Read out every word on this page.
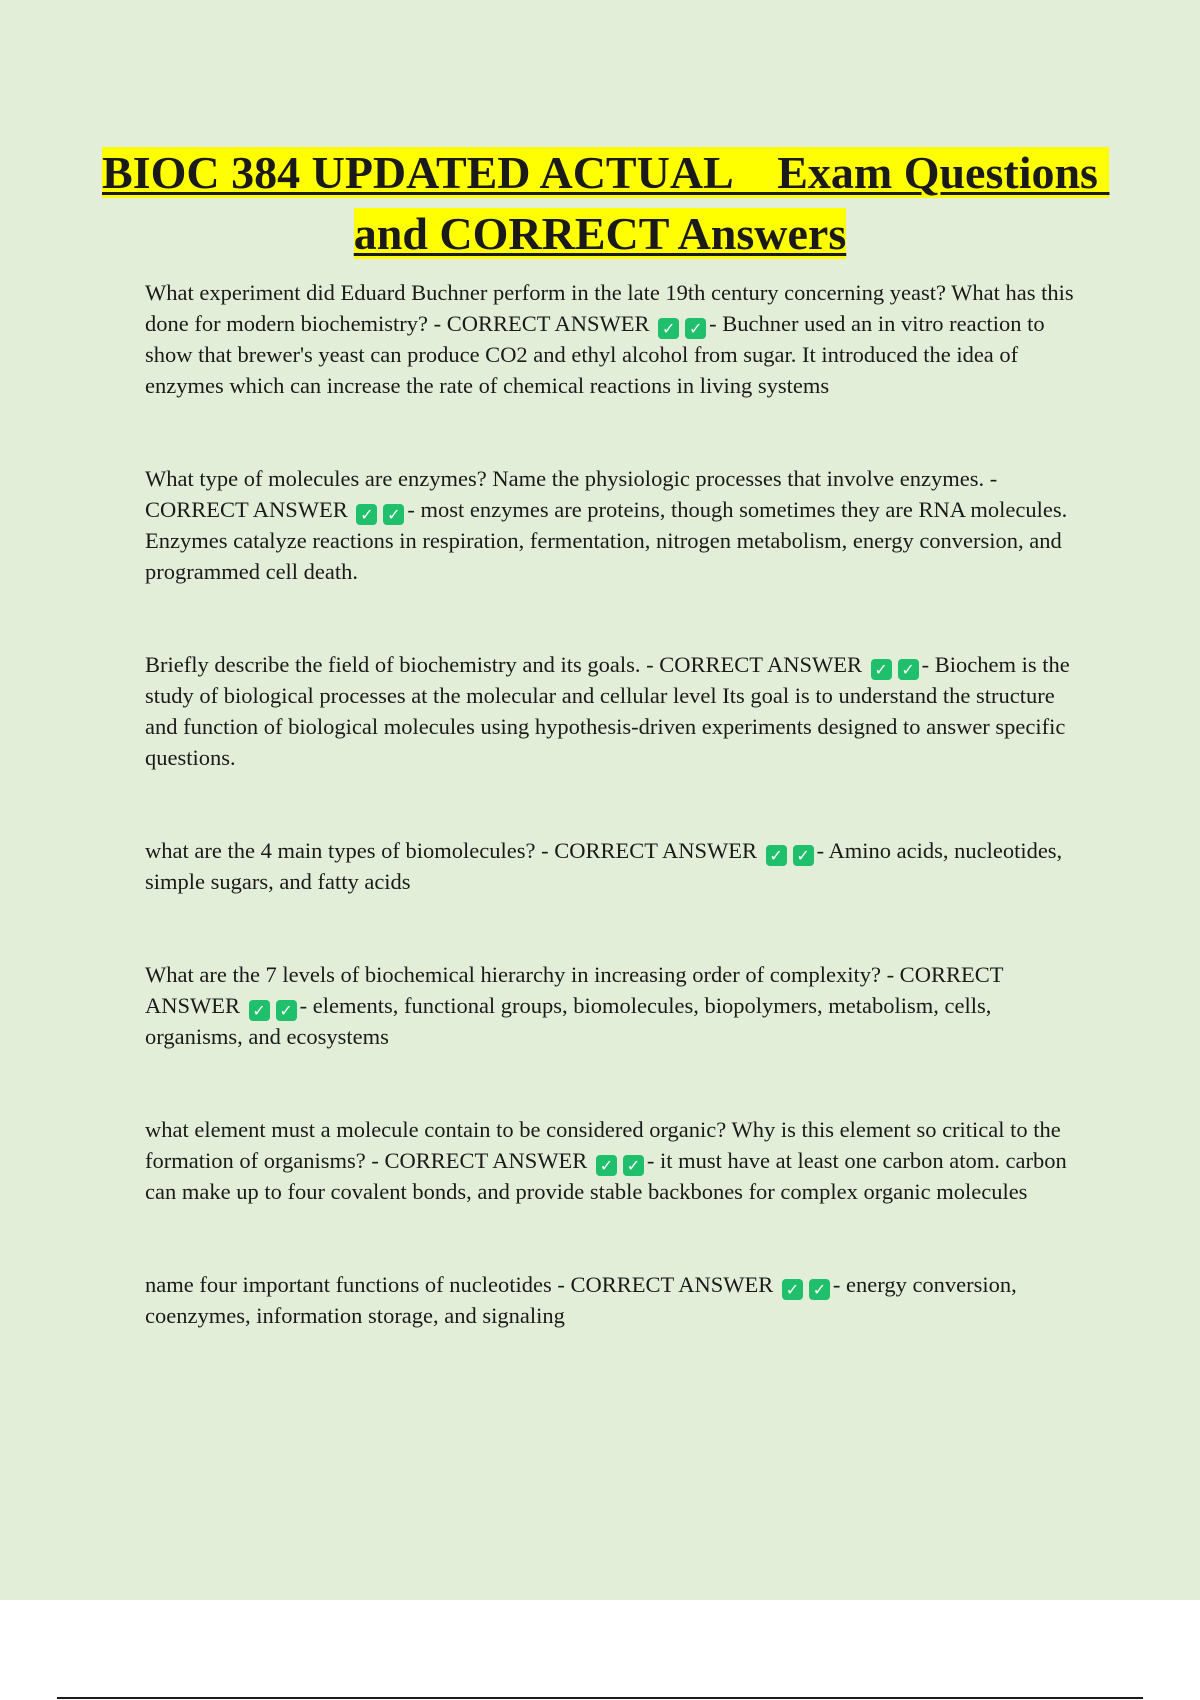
BIOC 384 UPDATED ACTUAL    Exam Questions and CORRECT Answers

What experiment did Eduard Buchner perform in the late 19th century concerning yeast? What has this done for modern biochemistry? - CORRECT ANSWER ✓ ✓ - Buchner used an in vitro reaction to show that brewer's yeast can produce CO2 and ethyl alcohol from sugar. It introduced the idea of enzymes which can increase the rate of chemical reactions in living systems

What type of molecules are enzymes? Name the physiologic processes that involve enzymes. - CORRECT ANSWER ✓ ✓ - most enzymes are proteins, though sometimes they are RNA molecules. Enzymes catalyze reactions in respiration, fermentation, nitrogen metabolism, energy conversion, and programmed cell death.

Briefly describe the field of biochemistry and its goals. - CORRECT ANSWER ✓ ✓ - Biochem is the study of biological processes at the molecular and cellular level Its goal is to understand the structure and function of biological molecules using hypothesis-driven experiments designed to answer specific questions.

what are the 4 main types of biomolecules? - CORRECT ANSWER ✓ ✓ - Amino acids, nucleotides, simple sugars, and fatty acids

What are the 7 levels of biochemical hierarchy in increasing order of complexity? - CORRECT ANSWER ✓ ✓ - elements, functional groups, biomolecules, biopolymers, metabolism, cells, organisms, and ecosystems

what element must a molecule contain to be considered organic? Why is this element so critical to the formation of organisms? - CORRECT ANSWER ✓ ✓ - it must have at least one carbon atom. carbon can make up to four covalent bonds, and provide stable backbones for complex organic molecules

name four important functions of nucleotides - CORRECT ANSWER ✓ ✓ - energy conversion, coenzymes, information storage, and signaling
